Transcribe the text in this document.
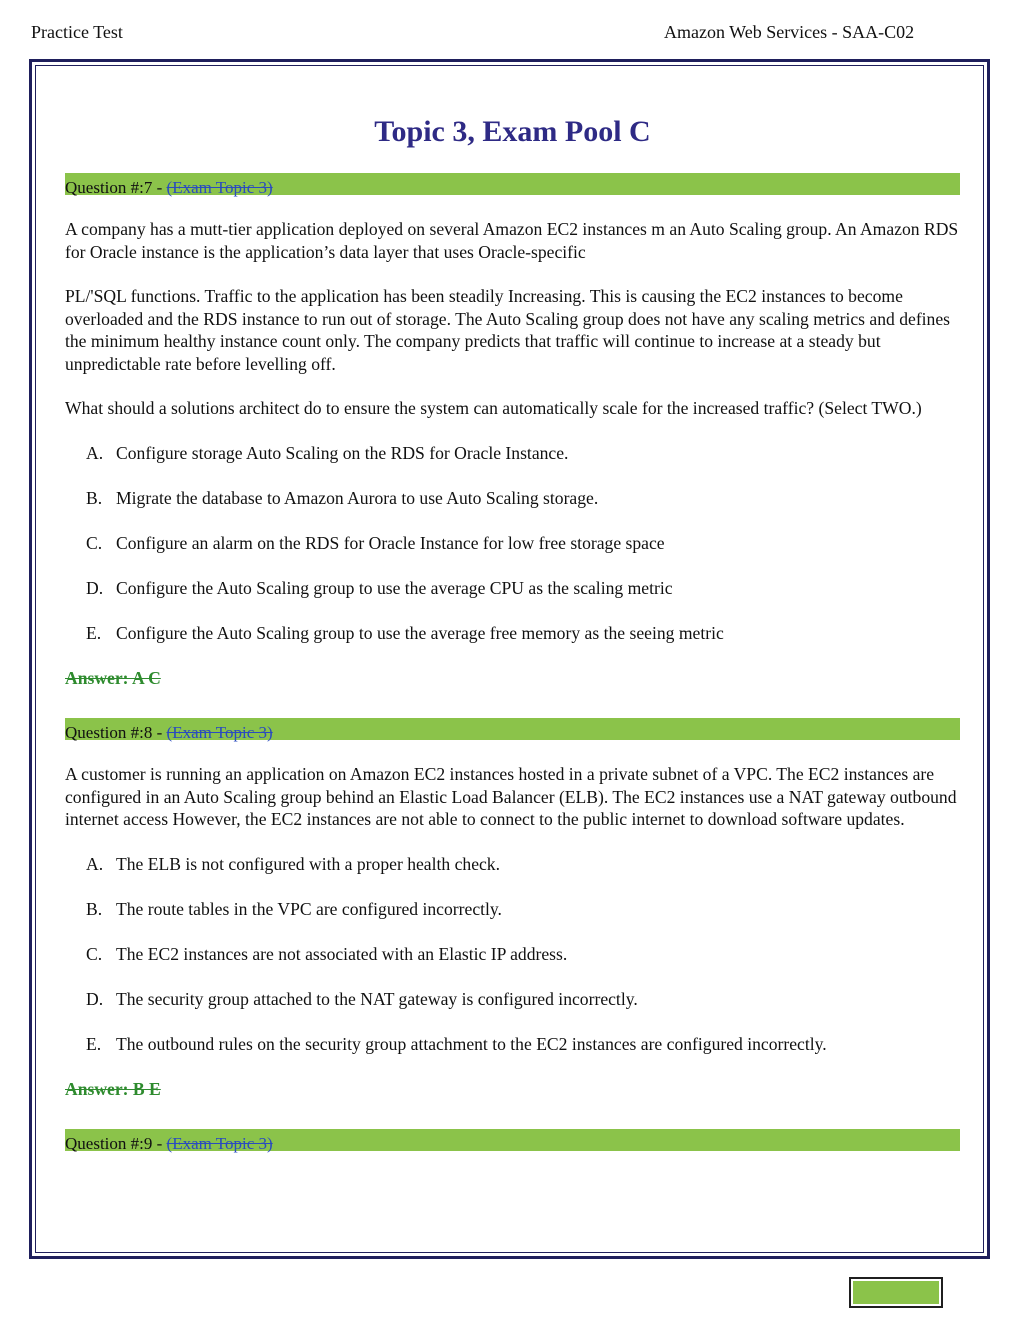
Practice Test	Amazon Web Services - SAA-C02
Topic 3, Exam Pool C
Question #:7 - (Exam Topic 3)

A company has a mutt-tier application deployed on several Amazon EC2 instances m an Auto Scaling group. An Amazon RDS for Oracle instance is the application’s data layer that uses Oracle-specific

PL/'SQL functions. Traffic to the application has been steadily Increasing. This is causing the EC2 instances to become overloaded and the RDS instance to run out of storage. The Auto Scaling group does not have any scaling metrics and defines the minimum healthy instance count only. The company predicts that traffic will continue to increase at a steady but unpredictable rate before levelling off.

What should a solutions architect do to ensure the system can automatically scale for the increased traffic? (Select TWO.)

A. Configure storage Auto Scaling on the RDS for Oracle Instance.
B. Migrate the database to Amazon Aurora to use Auto Scaling storage.
C. Configure an alarm on the RDS for Oracle Instance for low free storage space
D. Configure the Auto Scaling group to use the average CPU as the scaling metric
E. Configure the Auto Scaling group to use the average free memory as the seeing metric
Answer: A C
Question #:8 - (Exam Topic 3)

A customer is running an application on Amazon EC2 instances hosted in a private subnet of a VPC. The EC2 instances are configured in an Auto Scaling group behind an Elastic Load Balancer (ELB). The EC2 instances use a NAT gateway outbound internet access However, the EC2 instances are not able to connect to the public internet to download software updates.

A. The ELB is not configured with a proper health check.
B. The route tables in the VPC are configured incorrectly.
C. The EC2 instances are not associated with an Elastic IP address.
D. The security group attached to the NAT gateway is configured incorrectly.
E. The outbound rules on the security group attachment to the EC2 instances are configured incorrectly.
Answer: B E
Question #:9 - (Exam Topic 3)
